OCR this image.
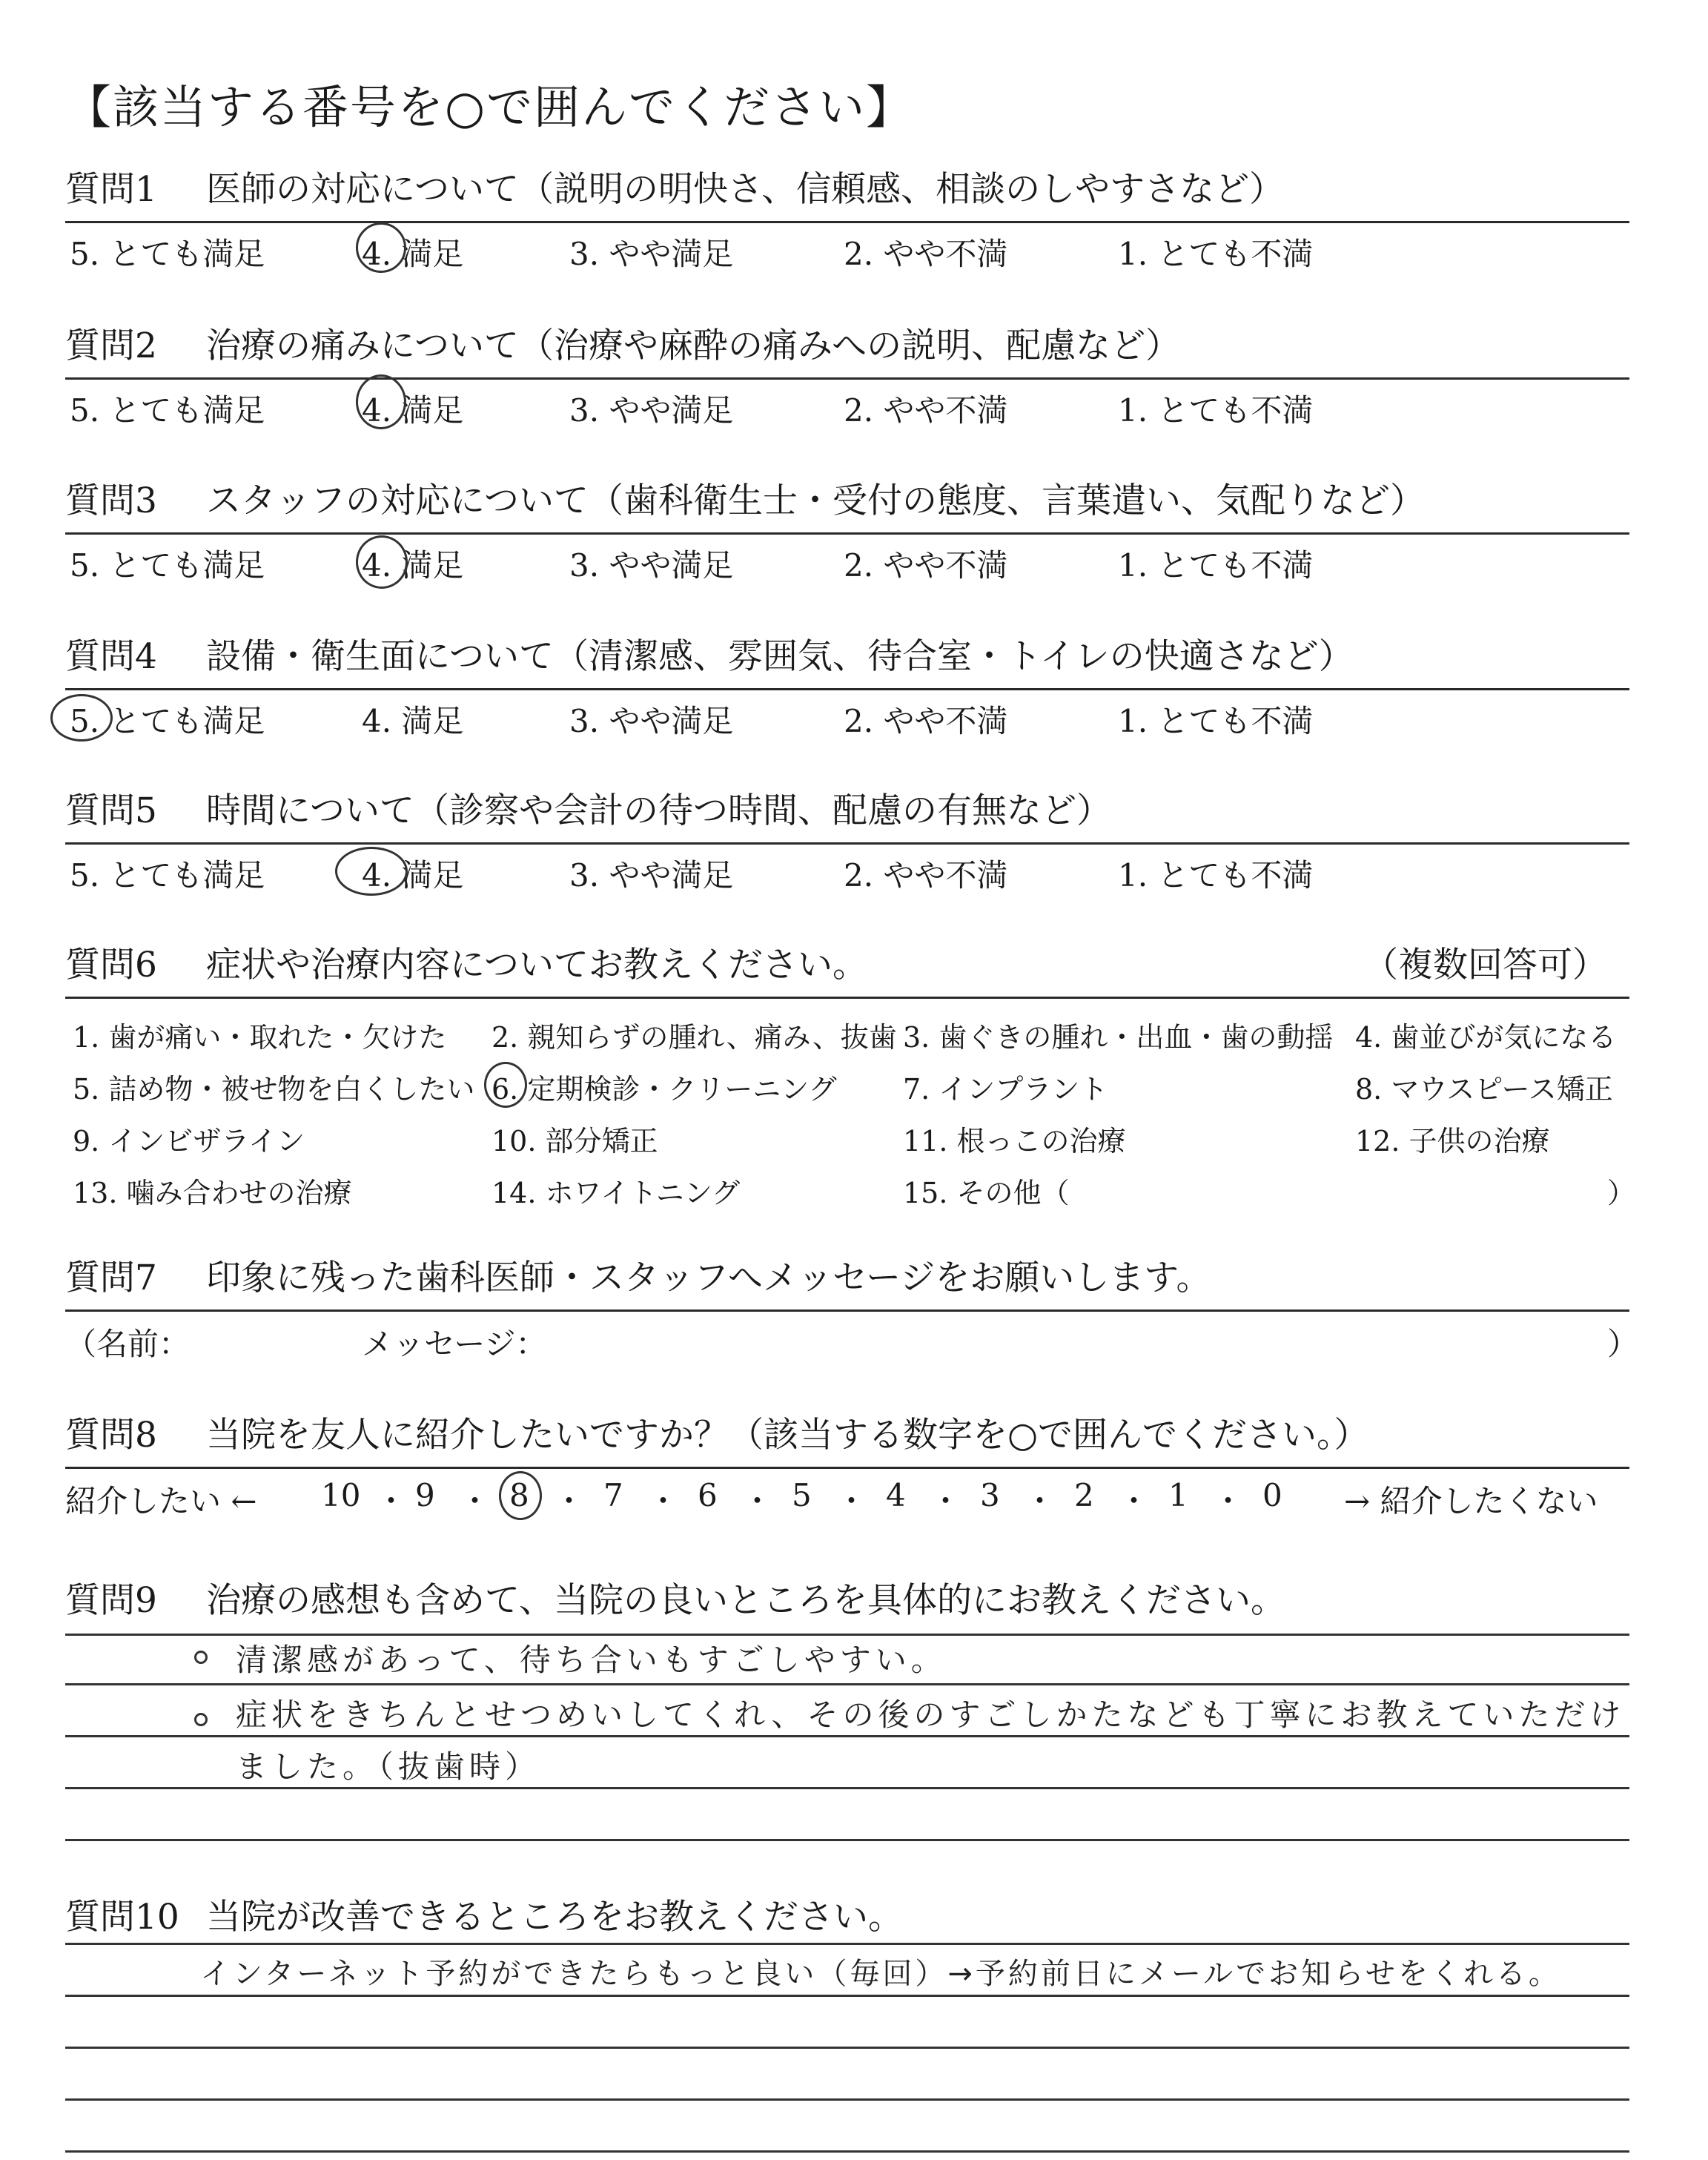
【該当する番号を○で囲んでください】
質問1 医師の対応について（説明の明快さ、信頼感、相談のしやすさなど）
5. とても満足	4. 満足	3. やや満足	2. やや不満	1. とても不満
質問2 治療の痛みについて（治療や麻酔の痛みへの説明、配慮など）
5. とても満足	4. 満足	3. やや満足	2. やや不満	1. とても不満
質問3 スタッフの対応について（歯科衛生士・受付の態度、言葉遣い、気配りなど）
5. とても満足	4. 満足	3. やや満足	2. やや不満	1. とても不満
質問4 設備・衛生面について（清潔感、雰囲気、待合室・トイレの快適さなど）
5. とても満足	4. 満足	3. やや満足	2. やや不満	1. とても不満
質問5 時間について（診察や会計の待つ時間、配慮の有無など）
5. とても満足	4. 満足	3. やや満足	2. やや不満	1. とても不満
質問6 症状や治療内容についてお教えください。	（複数回答可）
1. 歯が痛い・取れた・欠けた 2. 親知らずの腫れ、痛み、抜歯 3. 歯ぐきの腫れ・出血・歯の動揺 4. 歯並びが気になる
5. 詰め物・被せ物を白くしたい 6. 定期検診・クリーニング 7. インプラント	8. マウスピース矯正
9. インビザライン	10. 部分矯正	11. 根っこの治療	12. 子供の治療
13. 噛み合わせの治療	14. ホワイトニング	15. その他（	）
質問7 印象に残った歯科医師・スタッフへメッセージをお願いします。
（名前：	メッセージ：	）
質問8 当院を友人に紹介したいですか？（該当する数字を○で囲んでください。）
紹介したい ← 10 ・ 9 ・ 8 ・ 7 ・ 6 ・ 5 ・ 4 ・ 3 ・ 2 ・ 1 ・ 0 → 紹介したくない
質問9 治療の感想も含めて、当院の良いところを具体的にお教えください。
清潔感があって、待ち合いもすごしやすい。
症状をきちんとせつめいしてくれ、その後のすごしかたなども丁寧にお教えていただけ
ました。（抜歯時）
質問10 当院が改善できるところをお教えください。
インターネット予約ができたらもっと良い（毎回）→予約前日にメールでお知らせをくれる。
